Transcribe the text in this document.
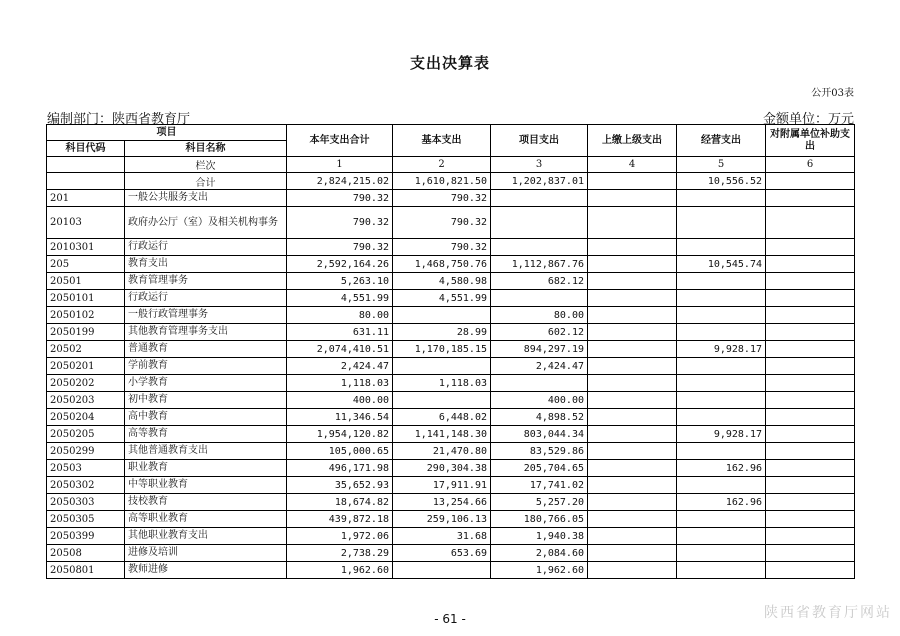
支出决算表
公开03表
编制部门：陕西省教育厅	金额单位：万元
项目		本年支出合计	基本支出	项目支出	上缴上级支出	经营支出	对附属单位补助支出
科目代码	科目名称						
	栏次	1	2	3	4	5	6
	合计	2,824,215.02	1,610,821.50	1,202,837.01		10,556.52	
201	一般公共服务支出	790.32	790.32				
20103	政府办公厅（室）及相关机构事务	790.32	790.32				
2010301	行政运行	790.32	790.32				
205	教育支出	2,592,164.26	1,468,750.76	1,112,867.76		10,545.74	
20501	教育管理事务	5,263.10	4,580.98	682.12			
2050101	行政运行	4,551.99	4,551.99				
2050102	一般行政管理事务	80.00		80.00			
2050199	其他教育管理事务支出	631.11	28.99	602.12			
20502	普通教育	2,074,410.51	1,170,185.15	894,297.19		9,928.17	
2050201	学前教育	2,424.47		2,424.47			
2050202	小学教育	1,118.03	1,118.03				
2050203	初中教育	400.00		400.00			
2050204	高中教育	11,346.54	6,448.02	4,898.52			
2050205	高等教育	1,954,120.82	1,141,148.30	803,044.34		9,928.17	
2050299	其他普通教育支出	105,000.65	21,470.80	83,529.86			
20503	职业教育	496,171.98	290,304.38	205,704.65		162.96	
2050302	中等职业教育	35,652.93	17,911.91	17,741.02			
2050303	技校教育	18,674.82	13,254.66	5,257.20		162.96	
2050305	高等职业教育	439,872.18	259,106.13	180,766.05			
2050399	其他职业教育支出	1,972.06	31.68	1,940.38			
20508	进修及培训	2,738.29	653.69	2,084.60			
2050801	教师进修	1,962.60		1,962.60			
- 61 -	陕西省教育厅网站
